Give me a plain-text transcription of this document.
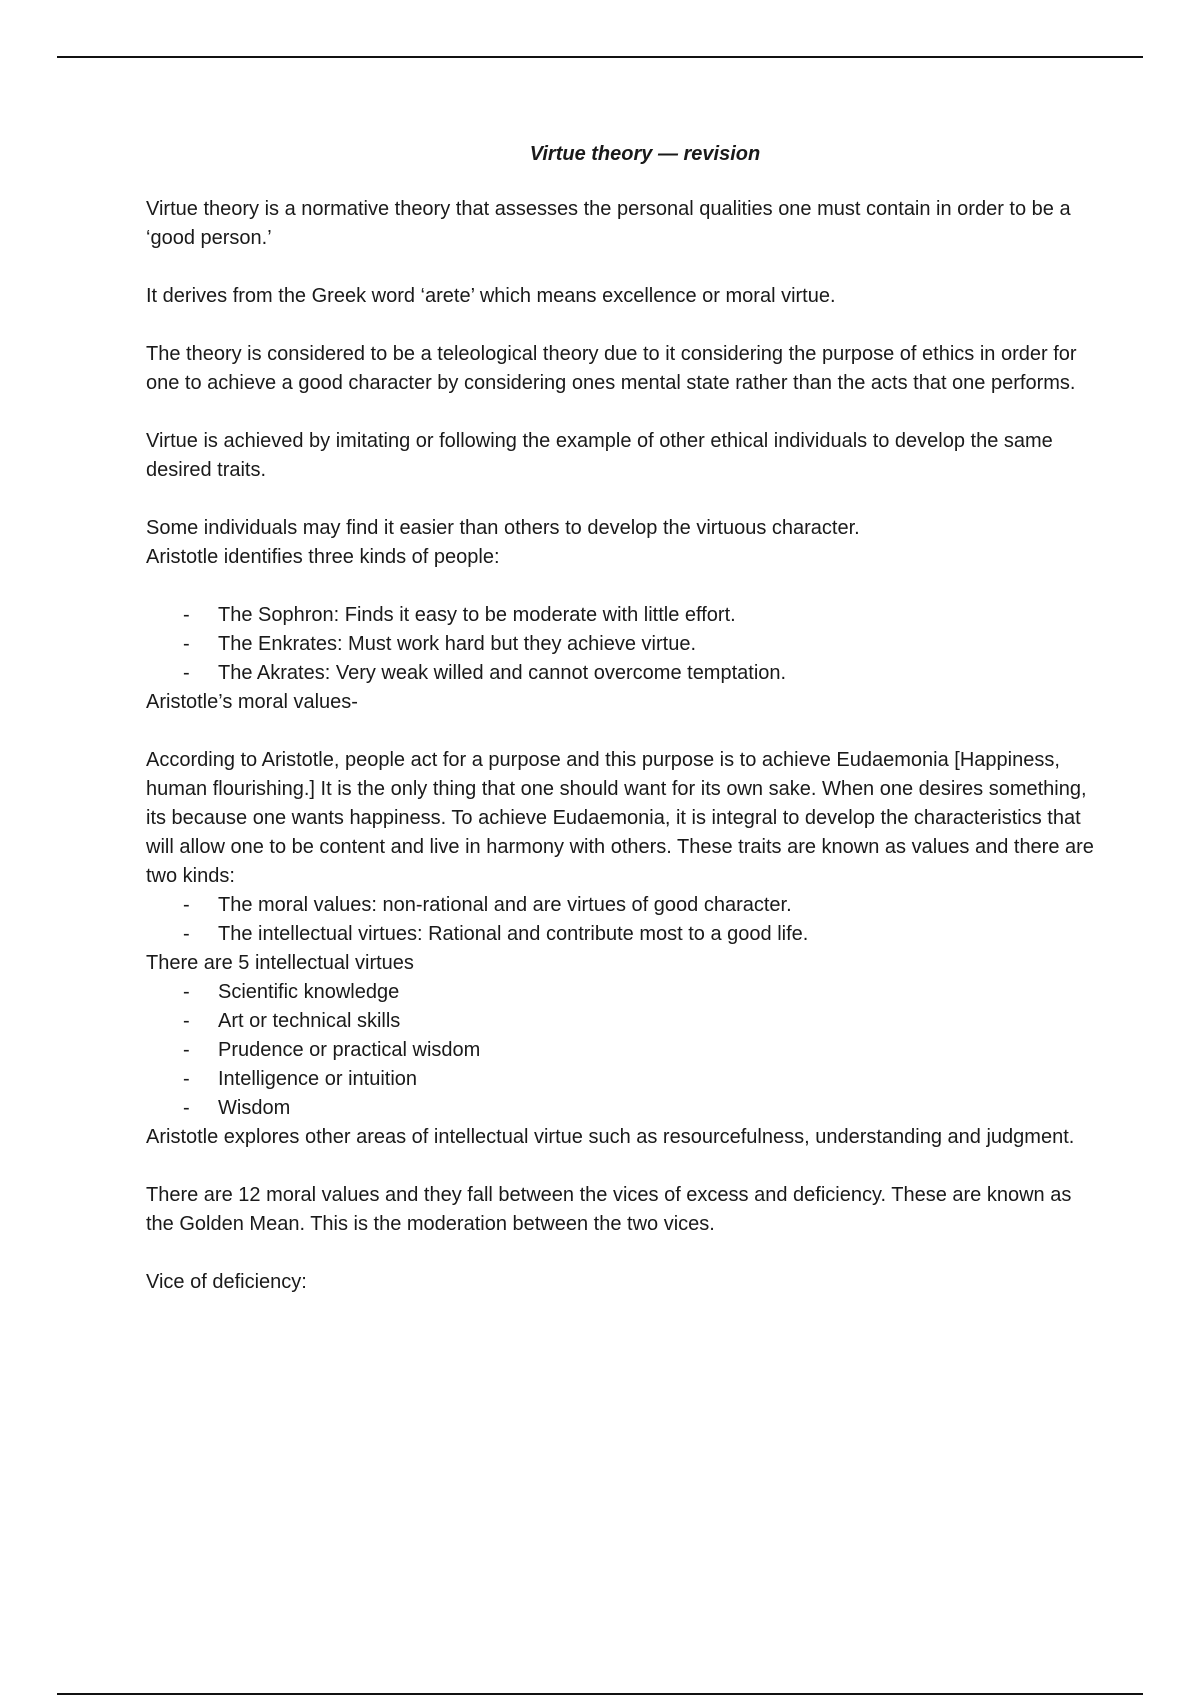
Virtue theory — revision

Virtue theory is a normative theory that assesses the personal qualities one must contain in order to be a ‘good person.’

It derives from the Greek word ‘arete’ which means excellence or moral virtue.

The theory is considered to be a teleological theory due to it considering the purpose of ethics in order for one to achieve a good character by considering ones mental state rather than the acts that one performs.

Virtue is achieved by imitating or following the example of other ethical individuals to develop the same desired traits.

Some individuals may find it easier than others to develop the virtuous character.

Aristotle identifies three kinds of people:

- The Sophron: Finds it easy to be moderate with little effort.
- The Enkrates: Must work hard but they achieve virtue.
- The Akrates: Very weak willed and cannot overcome temptation.

Aristotle’s moral values-

According to Aristotle, people act for a purpose and this purpose is to achieve Eudaemonia [Happiness, human flourishing.] It is the only thing that one should want for its own sake. When one desires something, its because one wants happiness. To achieve Eudaemonia, it is integral to develop the characteristics that will allow one to be content and live in harmony with others. These traits are known as values and there are two kinds:

- The moral values: non-rational and are virtues of good character.
- The intellectual virtues: Rational and contribute most to a good life.

There are 5 intellectual virtues

- Scientific knowledge
- Art or technical skills
- Prudence or practical wisdom
- Intelligence or intuition
- Wisdom

Aristotle explores other areas of intellectual virtue such as resourcefulness, understanding and judgment.

There are 12 moral values and they fall between the vices of excess and deficiency. These are known as the Golden Mean. This is the moderation between the two vices.

Vice of deficiency:
